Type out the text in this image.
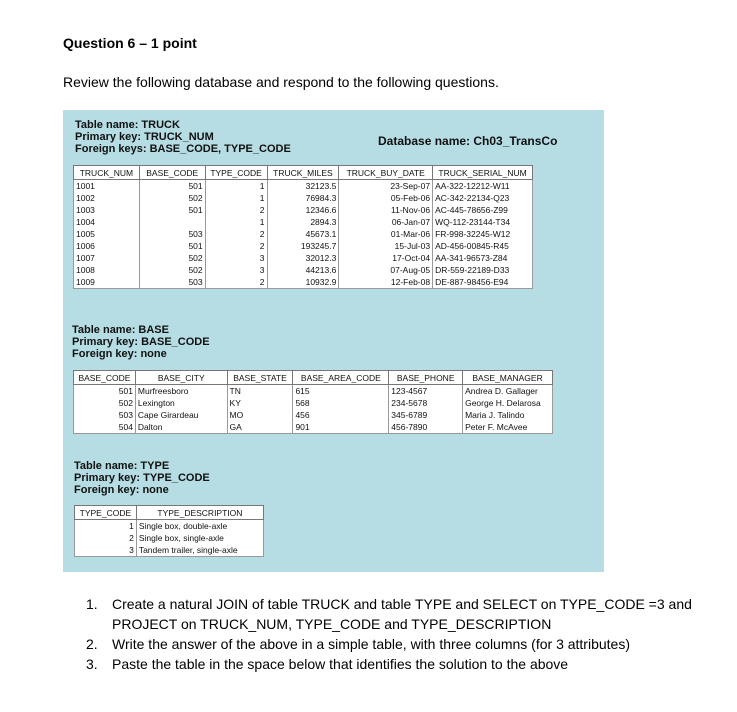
Question 6 – 1 point
Review the following database and respond to the following questions.
Table name: TRUCK
Primary key: TRUCK_NUM
Foreign keys: BASE_CODE, TYPE_CODE
Database name: Ch03_TransCo
TRUCK_NUM	BASE_CODE	TYPE_CODE	TRUCK_MILES	TRUCK_BUY_DATE	TRUCK_SERIAL_NUM
1001	501	1	32123.5	23-Sep-07	AA-322-12212-W11
1002	502	1	76984.3	05-Feb-06	AC-342-22134-Q23
1003	501	2	12346.6	11-Nov-06	AC-445-78656-Z99
1004		1	2894.3	06-Jan-07	WQ-112-23144-T34
1005	503	2	45673.1	01-Mar-06	FR-998-32245-W12
1006	501	2	193245.7	15-Jul-03	AD-456-00845-R45
1007	502	3	32012.3	17-Oct-04	AA-341-96573-Z84
1008	502	3	44213.6	07-Aug-05	DR-559-22189-D33
1009	503	2	10932.9	12-Feb-08	DE-887-98456-E94
Table name: BASE
Primary key: BASE_CODE
Foreign key: none
BASE_CODE	BASE_CITY	BASE_STATE	BASE_AREA_CODE	BASE_PHONE	BASE_MANAGER
501	Murfreesboro	TN	615	123-4567	Andrea D. Gallager
502	Lexington	KY	568	234-5678	George H. Delarosa
503	Cape Girardeau	MO	456	345-6789	Maria J. Talindo
504	Dalton	GA	901	456-7890	Peter F. McAvee
Table name: TYPE
Primary key: TYPE_CODE
Foreign key: none
TYPE_CODE	TYPE_DESCRIPTION
1	Single box, double-axle
2	Single box, single-axle
3	Tandem trailer, single-axle
1. Create a natural JOIN of table TRUCK and table TYPE and SELECT on TYPE_CODE =3 and PROJECT on TRUCK_NUM, TYPE_CODE and TYPE_DESCRIPTION
2. Write the answer of the above in a simple table, with three columns (for 3 attributes)
3. Paste the table in the space below that identifies the solution to the above
